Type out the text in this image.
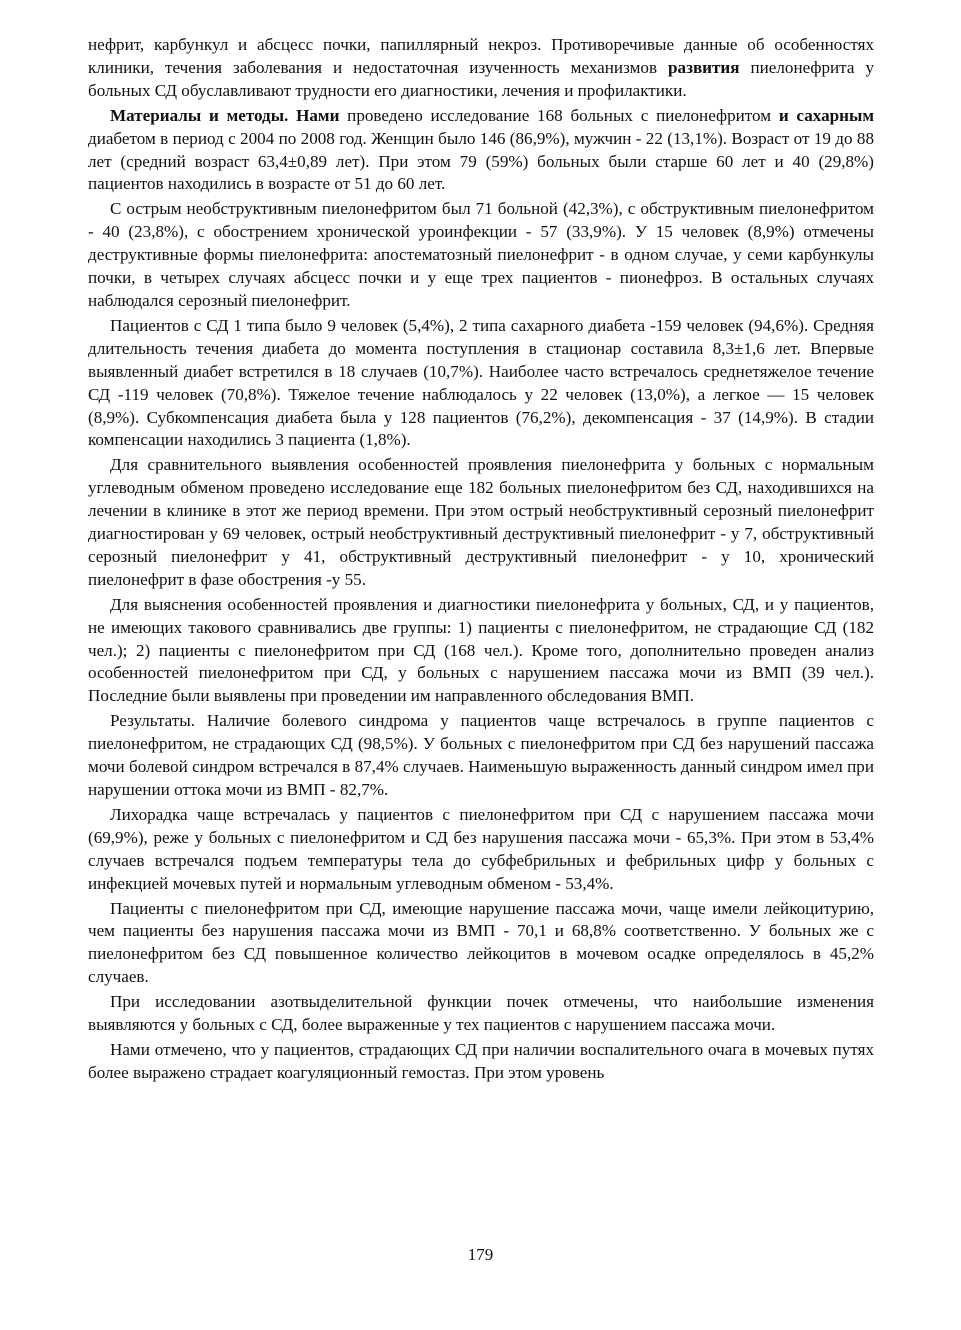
нефрит, карбункул и абсцесс почки, папиллярный некроз. Противоречивые данные об особенностях клиники, течения заболевания и недостаточная изученность механизмов развития пиелонефрита у больных СД обуславливают трудности его диагностики, лечения и профилактики.

Материалы и методы. Нами проведено исследование 168 больных с пиелонефритом и сахарным диабетом в период с 2004 по 2008 год. Женщин было 146 (86,9%), мужчин - 22 (13,1%). Возраст от 19 до 88 лет (средний возраст 63,4±0,89 лет). При этом 79 (59%) больных были старше 60 лет и 40 (29,8%) пациентов находились в возрасте от 51 до 60 лет.

С острым необструктивным пиелонефритом был 71 больной (42,3%), с обструктивным пиелонефритом - 40 (23,8%), с обострением хронической уроинфекции - 57 (33,9%). У 15 человек (8,9%) отмечены деструктивные формы пиелонефрита: апостематозный пиелонефрит - в одном случае, у семи карбункулы почки, в четырех случаях абсцесс почки и у еще трех пациентов - пионефроз. В остальных случаях наблюдался серозный пиелонефрит.

Пациентов с СД 1 типа было 9 человек (5,4%), 2 типа сахарного диабета -159 человек (94,6%). Средняя длительность течения диабета до момента поступления в стационар составила 8,3±1,6 лет. Впервые выявленный диабет встретился в 18 случаев (10,7%). Наиболее часто встречалось среднетяжелое течение СД -119 человек (70,8%). Тяжелое течение наблюдалось у 22 человек (13,0%), а легкое — 15 человек (8,9%). Субкомпенсация диабета была у 128 пациентов (76,2%), декомпенсация - 37 (14,9%). В стадии компенсации находились 3 пациента (1,8%).

Для сравнительного выявления особенностей проявления пиелонефрита у больных с нормальным углеводным обменом проведено исследование еще 182 больных пиелонефритом без СД, находившихся на лечении в клинике в этот же период времени. При этом острый необструктивный серозный пиелонефрит диагностирован у 69 человек, острый необструктивный деструктивный пиелонефрит - у 7, обструктивный серозный пиелонефрит у 41, обструктивный деструктивный пиелонефрит - у 10, хронический пиелонефрит в фазе обострения -у 55.

Для выяснения особенностей проявления и диагностики пиелонефрита у больных, СД, и у пациентов, не имеющих такового сравнивались две группы: 1) пациенты с пиелонефритом, не страдающие СД (182 чел.); 2) пациенты с пиелонефритом при СД (168 чел.). Кроме того, дополнительно проведен анализ особенностей пиелонефритом при СД, у больных с нарушением пассажа мочи из ВМП (39 чел.). Последние были выявлены при проведении им направленного обследования ВМП.

Результаты. Наличие болевого синдрома у пациентов чаще встречалось в группе пациентов с пиелонефритом, не страдающих СД (98,5%). У больных с пиелонефритом при СД без нарушений пассажа мочи болевой синдром встречался в 87,4% случаев. Наименьшую выраженность данный синдром имел при нарушении оттока мочи из ВМП - 82,7%.

Лихорадка чаще встречалась у пациентов с пиелонефритом при СД с нарушением пассажа мочи (69,9%), реже у больных с пиелонефритом и СД без нарушения пассажа мочи - 65,3%. При этом в 53,4% случаев встречался подъем температуры тела до субфебрильных и фебрильных цифр у больных с инфекцией мочевых путей и нормальным углеводным обменом - 53,4%.

Пациенты с пиелонефритом при СД, имеющие нарушение пассажа мочи, чаще имели лейкоцитурию, чем пациенты без нарушения пассажа мочи из ВМП - 70,1 и 68,8% соответственно. У больных же с пиелонефритом без СД повышенное количество лейкоцитов в мочевом осадке определялось в 45,2% случаев.

При исследовании азотвыделительной функции почек отмечены, что наибольшие изменения выявляются у больных с СД, более выраженные у тех пациентов с нарушением пассажа мочи.

Нами отмечено, что у пациентов, страдающих СД при наличии воспалительного очага в мочевых путях более выражено страдает коагуляционный гемостаз. При этом уровень

179
